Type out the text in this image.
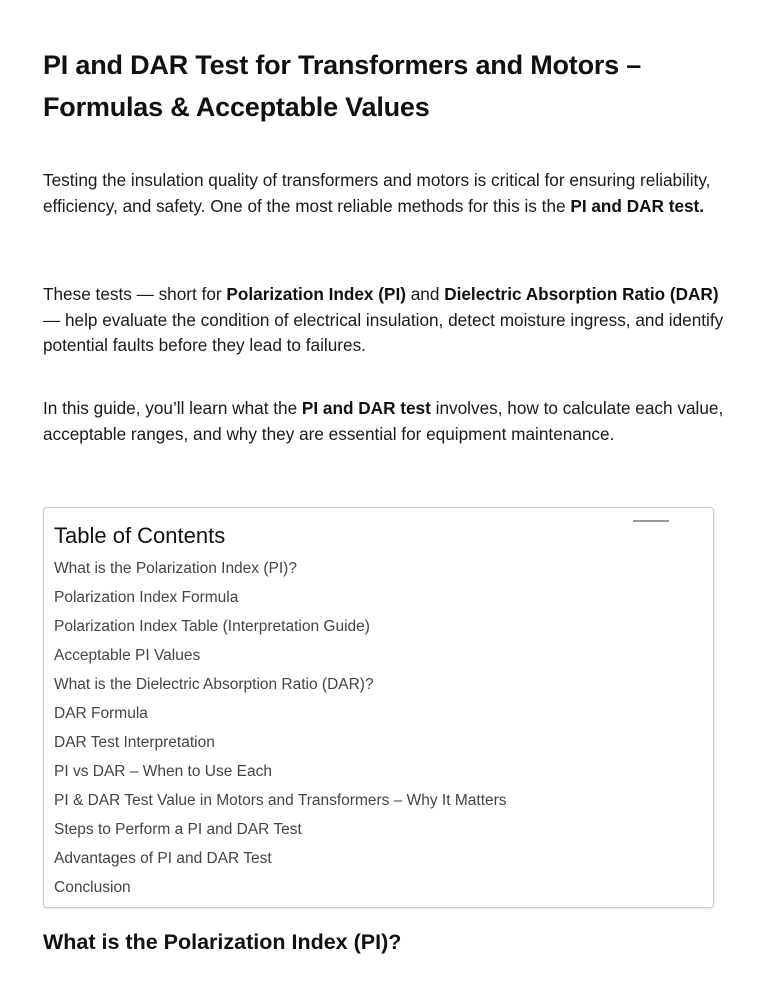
PI and DAR Test for Transformers and Motors – Formulas & Acceptable Values

Testing the insulation quality of transformers and motors is critical for ensuring reliability, efficiency, and safety. One of the most reliable methods for this is the PI and DAR test.

These tests — short for Polarization Index (PI) and Dielectric Absorption Ratio (DAR) — help evaluate the condition of electrical insulation, detect moisture ingress, and identify potential faults before they lead to failures.

In this guide, you’ll learn what the PI and DAR test involves, how to calculate each value, acceptable ranges, and why they are essential for equipment maintenance.

Table of Contents
What is the Polarization Index (PI)?
Polarization Index Formula
Polarization Index Table (Interpretation Guide)
Acceptable PI Values
What is the Dielectric Absorption Ratio (DAR)?
DAR Formula
DAR Test Interpretation
PI vs DAR – When to Use Each
PI & DAR Test Value in Motors and Transformers – Why It Matters
Steps to Perform a PI and DAR Test
Advantages of PI and DAR Test
Conclusion
What is the Polarization Index (PI)?
